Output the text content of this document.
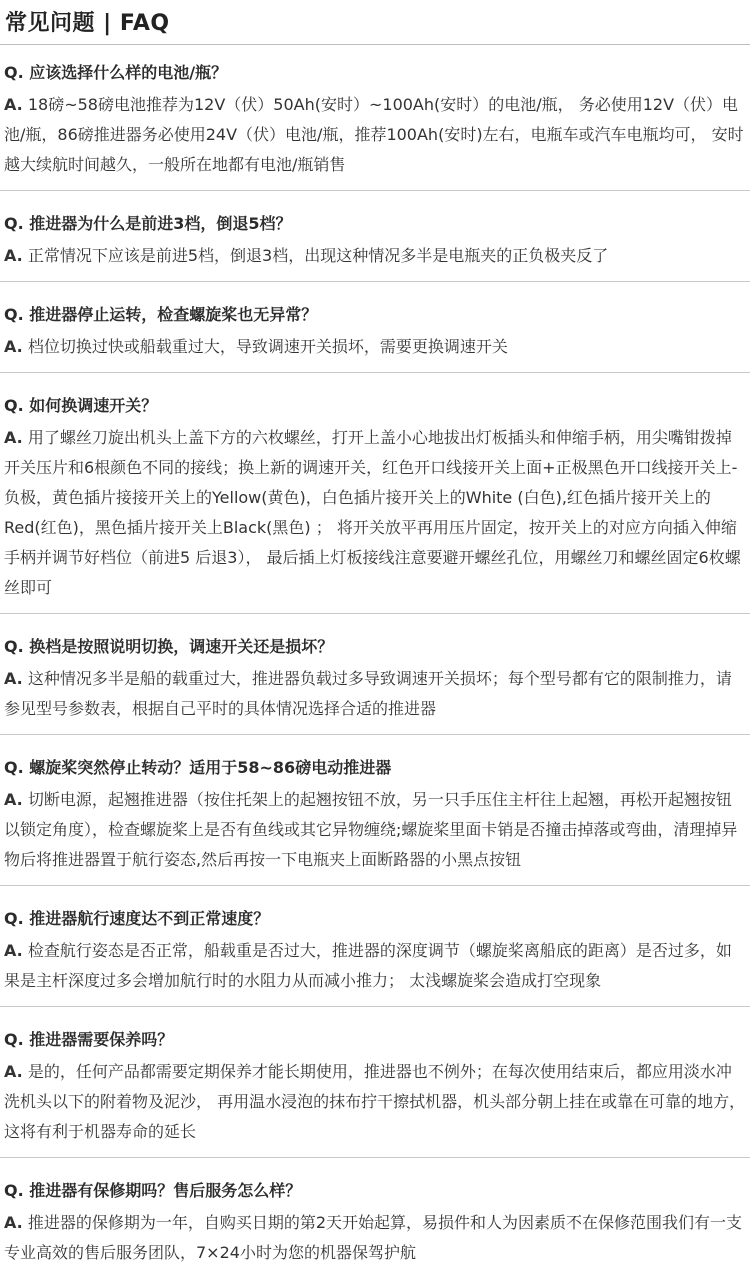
常见问题 | FAQ
Q. 应该选择什么样的电池/瓶？
A. 18磅~58磅电池推荐为12V（伏）50Ah(安时）~100Ah(安时）的电池/瓶， 务必使用12V（伏）电池/瓶，86磅推进器务必使用24V（伏）电池/瓶，推荐100Ah(安时)左右，电瓶车或汽车电瓶均可， 安时越大续航时间越久，一般所在地都有电池/瓶销售
Q. 推进器为什么是前进3档，倒退5档？
A. 正常情况下应该是前进5档，倒退3档，出现这种情况多半是电瓶夹的正负极夹反了
Q. 推进器停止运转，检查螺旋桨也无异常？
A. 档位切换过快或船载重过大，导致调速开关损坏，需要更换调速开关
Q. 如何换调速开关？
A. 用了螺丝刀旋出机头上盖下方的六枚螺丝，打开上盖小心地拔出灯板插头和伸缩手柄，用尖嘴钳拨掉开关压片和6根颜色不同的接线；换上新的调速开关，红色开口线接开关上面+正极黑色开口线接开关上-负极，黄色插片接接开关上的Yellow(黄色)，白色插片接开关上的White (白色),红色插片接开关上的Red(红色)，黑色插片接开关上Black(黑色) ； 将开关放平再用压片固定，按开关上的对应方向插入伸缩手柄并调节好档位（前进5 后退3）， 最后插上灯板接线注意要避开螺丝孔位，用螺丝刀和螺丝固定6枚螺丝即可
Q. 换档是按照说明切换，调速开关还是损坏？
A. 这种情况多半是船的载重过大，推进器负载过多导致调速开关损坏；每个型号都有它的限制推力，请参见型号参数表，根据自己平时的具体情况选择合适的推进器
Q. 螺旋桨突然停止转动？适用于58~86磅电动推进器
A. 切断电源，起翘推进器（按住托架上的起翘按钮不放，另一只手压住主杆往上起翘，再松开起翘按钮以锁定角度），检查螺旋桨上是否有鱼线或其它异物缠绕;螺旋桨里面卡销是否撞击掉落或弯曲，清理掉异物后将推进器置于航行姿态,然后再按一下电瓶夹上面断路器的小黑点按钮
Q. 推进器航行速度达不到正常速度？
A. 检查航行姿态是否正常，船载重是否过大，推进器的深度调节（螺旋桨离船底的距离）是否过多，如果是主杆深度过多会增加航行时的水阻力从而减小推力； 太浅螺旋桨会造成打空现象
Q. 推进器需要保养吗？
A. 是的，任何产品都需要定期保养才能长期使用，推进器也不例外；在每次使用结束后，都应用淡水冲洗机头以下的附着物及泥沙， 再用温水浸泡的抹布拧干擦拭机器，机头部分朝上挂在或靠在可靠的地方，这将有利于机器寿命的延长
Q. 推进器有保修期吗？售后服务怎么样？
A. 推进器的保修期为一年，自购买日期的第2天开始起算，易损件和人为因素质不在保修范围我们有一支专业高效的售后服务团队，7×24小时为您的机器保驾护航
